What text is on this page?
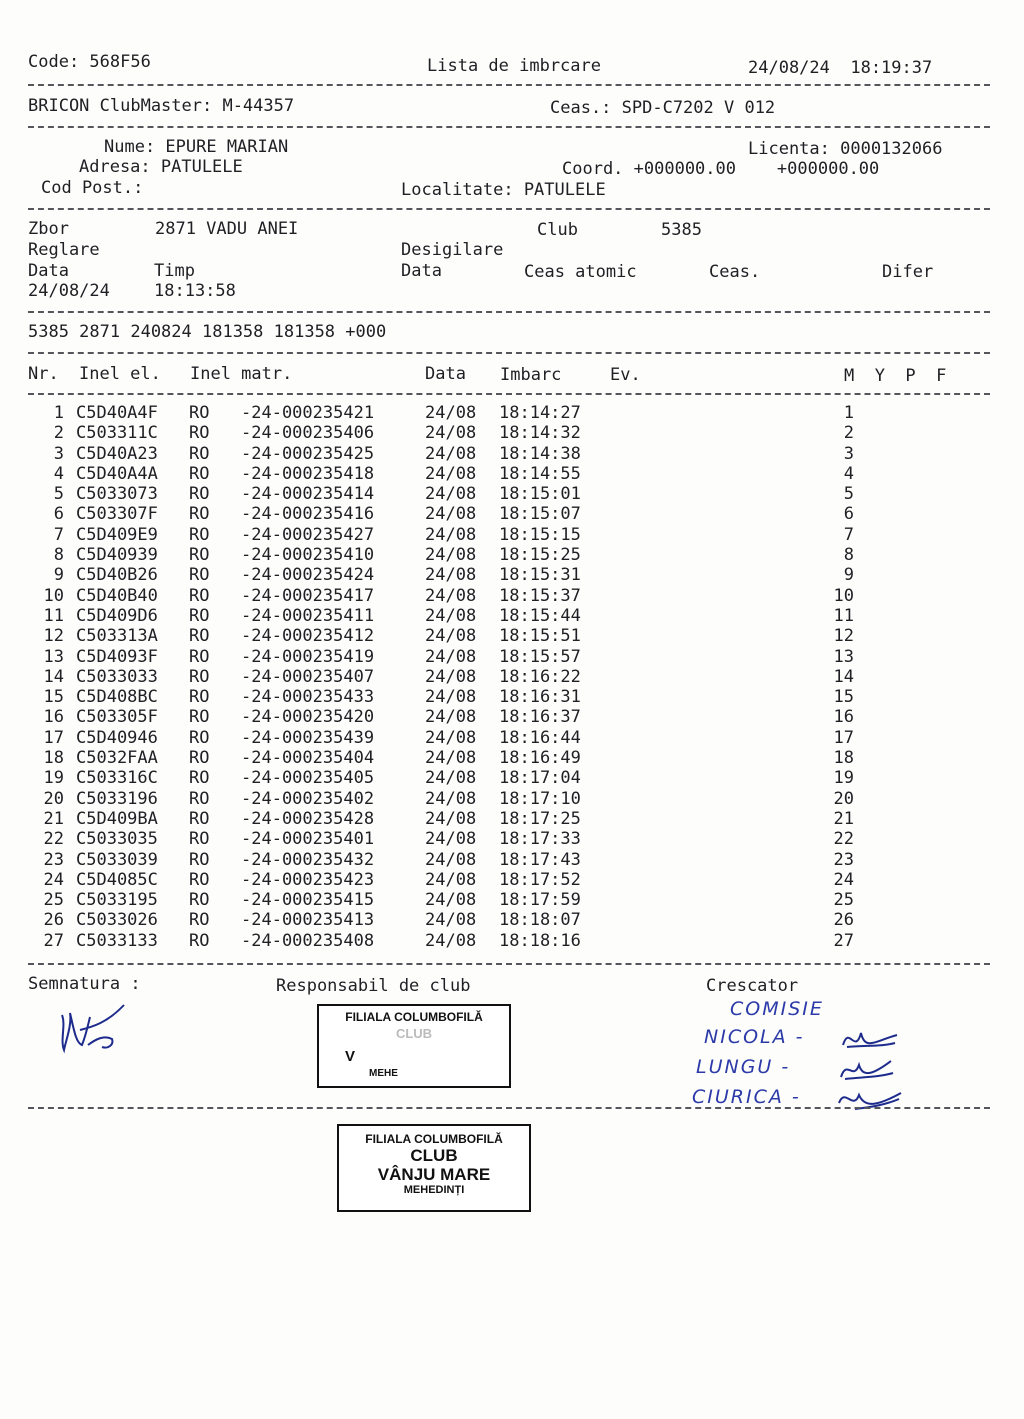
Code: 568F56	Lista de imbrcare	24/08/24  18:19:37
BRICON ClubMaster: M-44357	Ceas.: SPD-C7202 V 012
Nume: EPURE MARIAN	Licenta: 0000132066
Adresa: PATULELE	Coord. +000000.00    +000000.00
Cod Post.:	Localitate: PATULELE
Zbor	2871 VADU ANEI	Club	5385
Reglare	Desigilare
Data	Timp	Data	Ceas atomic	Ceas.	Difer
24/08/24	18:13:58
5385 2871 240824 181358 181358 +000
Nr. Inel el. Inel matr.	Data Imbarc	Ev.	M  Y  P  F
1 C5D40A4F RO -24-000235421	24/08 18:14:27	1
2 C503311C RO -24-000235406	24/08 18:14:32	2
3 C5D40A23 RO -24-000235425	24/08 18:14:38	3
4 C5D40A4A RO -24-000235418	24/08 18:14:55	4
5 C5033073 RO -24-000235414	24/08 18:15:01	5
6 C503307F RO -24-000235416	24/08 18:15:07	6
7 C5D409E9 RO -24-000235427	24/08 18:15:15	7
8 C5D40939 RO -24-000235410	24/08 18:15:25	8
9 C5D40B26 RO -24-000235424	24/08 18:15:31	9
10 C5D40B40 RO -24-000235417	24/08 18:15:37	10
11 C5D409D6 RO -24-000235411	24/08 18:15:44	11
12 C503313A RO -24-000235412	24/08 18:15:51	12
13 C5D4093F RO -24-000235419	24/08 18:15:57	13
14 C5033033 RO -24-000235407	24/08 18:16:22	14
15 C5D408BC RO -24-000235433	24/08 18:16:31	15
16 C503305F RO -24-000235420	24/08 18:16:37	16
17 C5D40946 RO -24-000235439	24/08 18:16:44	17
18 C5032FAA RO -24-000235404	24/08 18:16:49	18
19 C503316C RO -24-000235405	24/08 18:17:04	19
20 C5033196 RO -24-000235402	24/08 18:17:10	20
21 C5D409BA RO -24-000235428	24/08 18:17:25	21
22 C5033035 RO -24-000235401	24/08 18:17:33	22
23 C5033039 RO -24-000235432	24/08 18:17:43	23
24 C5D4085C RO -24-000235423	24/08 18:17:52	24
25 C5033195 RO -24-000235415	24/08 18:17:59	25
26 C5033026 RO -24-000235413	24/08 18:18:07	26
27 C5033133 RO -24-000235408	24/08 18:18:16	27
Semnatura :	Responsabil de club	Crescator
FILIALA COLUMBOFILĂ
CLUB
V
MEHE
COMISIE
NICOLA -
LUNGU -
CIURICA -
FILIALA COLUMBOFILĂ
CLUB
VÂNJU MARE
MEHEDINȚI
